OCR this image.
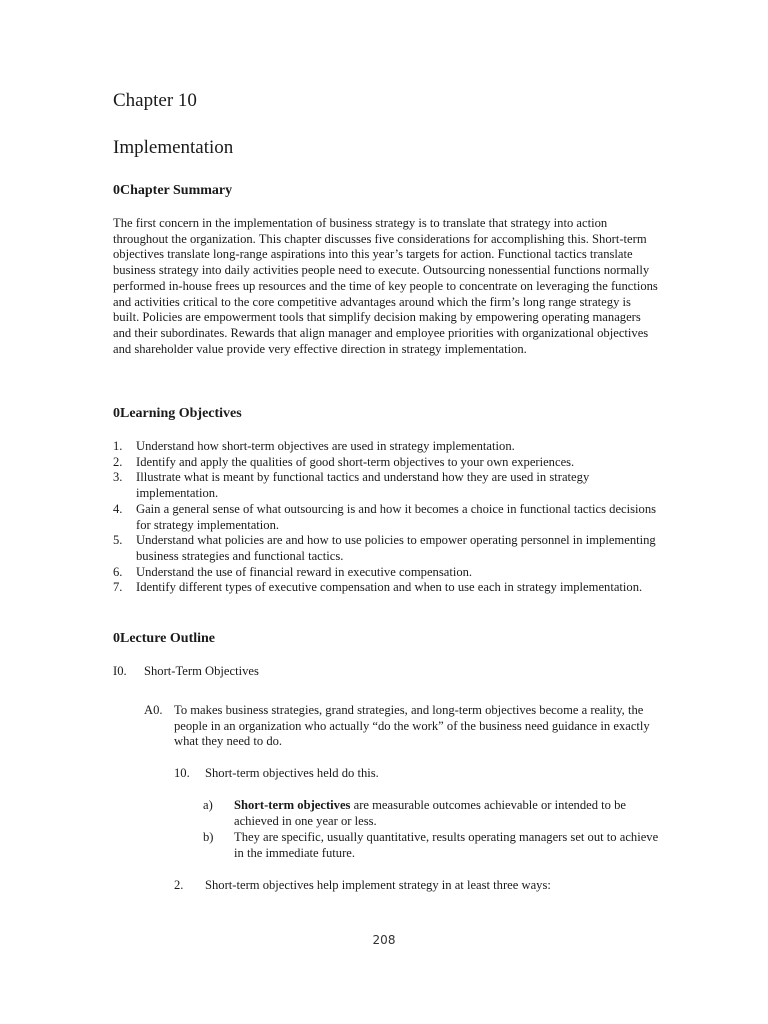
Chapter 10
Implementation
0Chapter Summary

The first concern in the implementation of business strategy is to translate that strategy into action throughout the organization. This chapter discusses five considerations for accomplishing this. Short-term objectives translate long-range aspirations into this year’s targets for action. Functional tactics translate business strategy into daily activities people need to execute. Outsourcing nonessential functions normally performed in-house frees up resources and the time of key people to concentrate on leveraging the functions and activities critical to the core competitive advantages around which the firm’s long range strategy is built. Policies are empowerment tools that simplify decision making by empowering operating managers and their subordinates. Rewards that align manager and employee priorities with organizational objectives and shareholder value provide very effective direction in strategy implementation.

0Learning Objectives
1. Understand how short-term objectives are used in strategy implementation.
2. Identify and apply the qualities of good short-term objectives to your own experiences.
3. Illustrate what is meant by functional tactics and understand how they are used in strategy implementation.
4. Gain a general sense of what outsourcing is and how it becomes a choice in functional tactics decisions for strategy implementation.
5. Understand what policies are and how to use policies to empower operating personnel in implementing business strategies and functional tactics.
6. Understand the use of financial reward in executive compensation.
7. Identify different types of executive compensation and when to use each in strategy implementation.
0Lecture Outline
I0. Short-Term Objectives
A0. To makes business strategies, grand strategies, and long-term objectives become a reality, the people in an organization who actually “do the work” of the business need guidance in exactly what they need to do.
10. Short-term objectives held do this.
a) Short-term objectives are measurable outcomes achievable or intended to be achieved in one year or less.
b) They are specific, usually quantitative, results operating managers set out to achieve in the immediate future.
2. Short-term objectives help implement strategy in at least three ways:
208
